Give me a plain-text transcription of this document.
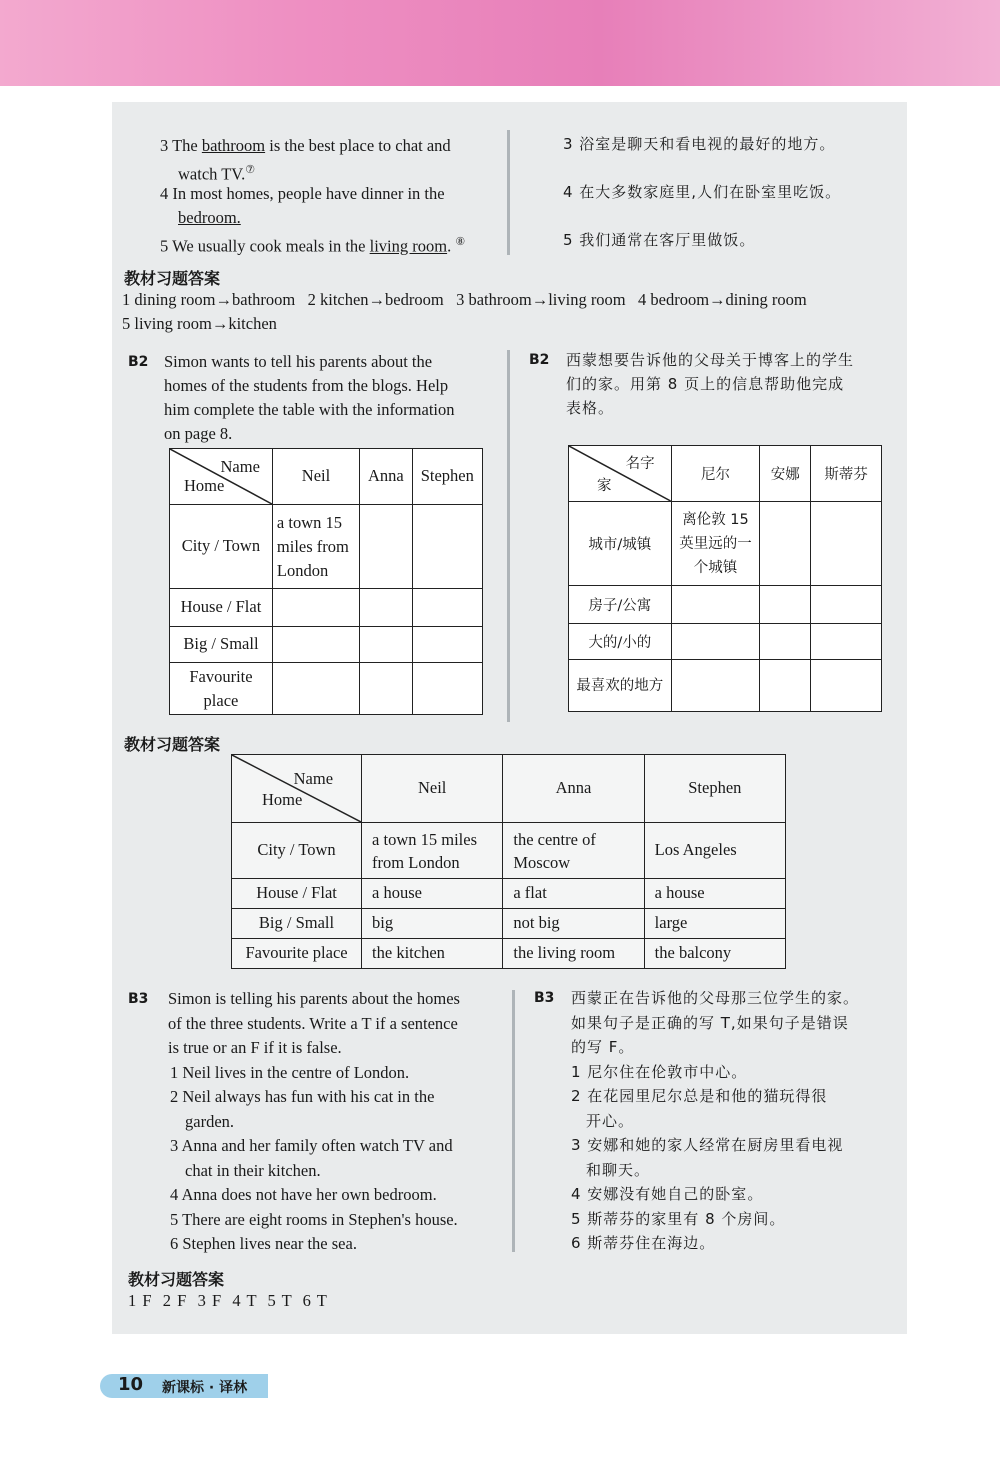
3 The bathroom is the best place to chat and
watch TV.⑦
4 In most homes, people have dinner in the
bedroom.
5 We usually cook meals in the living room. ⑧
3 浴室是聊天和看电视的最好的地方。
4 在大多数家庭里,人们在卧室里吃饭。
5 我们通常在客厅里做饭。
教材习题答案
1 dining room→bathroom 2 kitchen→bedroom 3 bathroom→living room 4 bedroom→dining room
5 living room→kitchen
B2 Simon wants to tell his parents about the
homes of the students from the blogs. Help
him complete the table with the information
on page 8.
Name
Home	Neil	Anna	Stephen
City / Town	a town 15 miles from London		
House / Flat			
Big / Small			
Favourite place			
B2 西蒙想要告诉他的父母关于博客上的学生
们的家。用第 8 页上的信息帮助他完成
表格。
名字
家	尼尔	安娜	斯蒂芬
城市/城镇	离伦敦 15 英里远的一个城镇		
房子/公寓			
大的/小的			
最喜欢的地方			
教材习题答案
Name
Home	Neil	Anna	Stephen
City / Town	a town 15 miles from London	the centre of Moscow	Los Angeles
House / Flat	a house	a flat	a house
Big / Small	big	not big	large
Favourite place	the kitchen	the living room	the balcony
B3 Simon is telling his parents about the homes
of the three students. Write a T if a sentence
is true or an F if it is false.
1 Neil lives in the centre of London.
2 Neil always has fun with his cat in the
garden.
3 Anna and her family often watch TV and
chat in their kitchen.
4 Anna does not have her own bedroom.
5 There are eight rooms in Stephen's house.
6 Stephen lives near the sea.
B3 西蒙正在告诉他的父母那三位学生的家。
如果句子是正确的写 T,如果句子是错误
的写 F。
1 尼尔住在伦敦市中心。
2 在花园里尼尔总是和他的猫玩得很
开心。
3 安娜和她的家人经常在厨房里看电视
和聊天。
4 安娜没有她自己的卧室。
5 斯蒂芬的家里有 8 个房间。
6 斯蒂芬住在海边。
教材习题答案
1 F  2 F  3 F  4 T  5 T  6 T
10 新课标 · 译林
